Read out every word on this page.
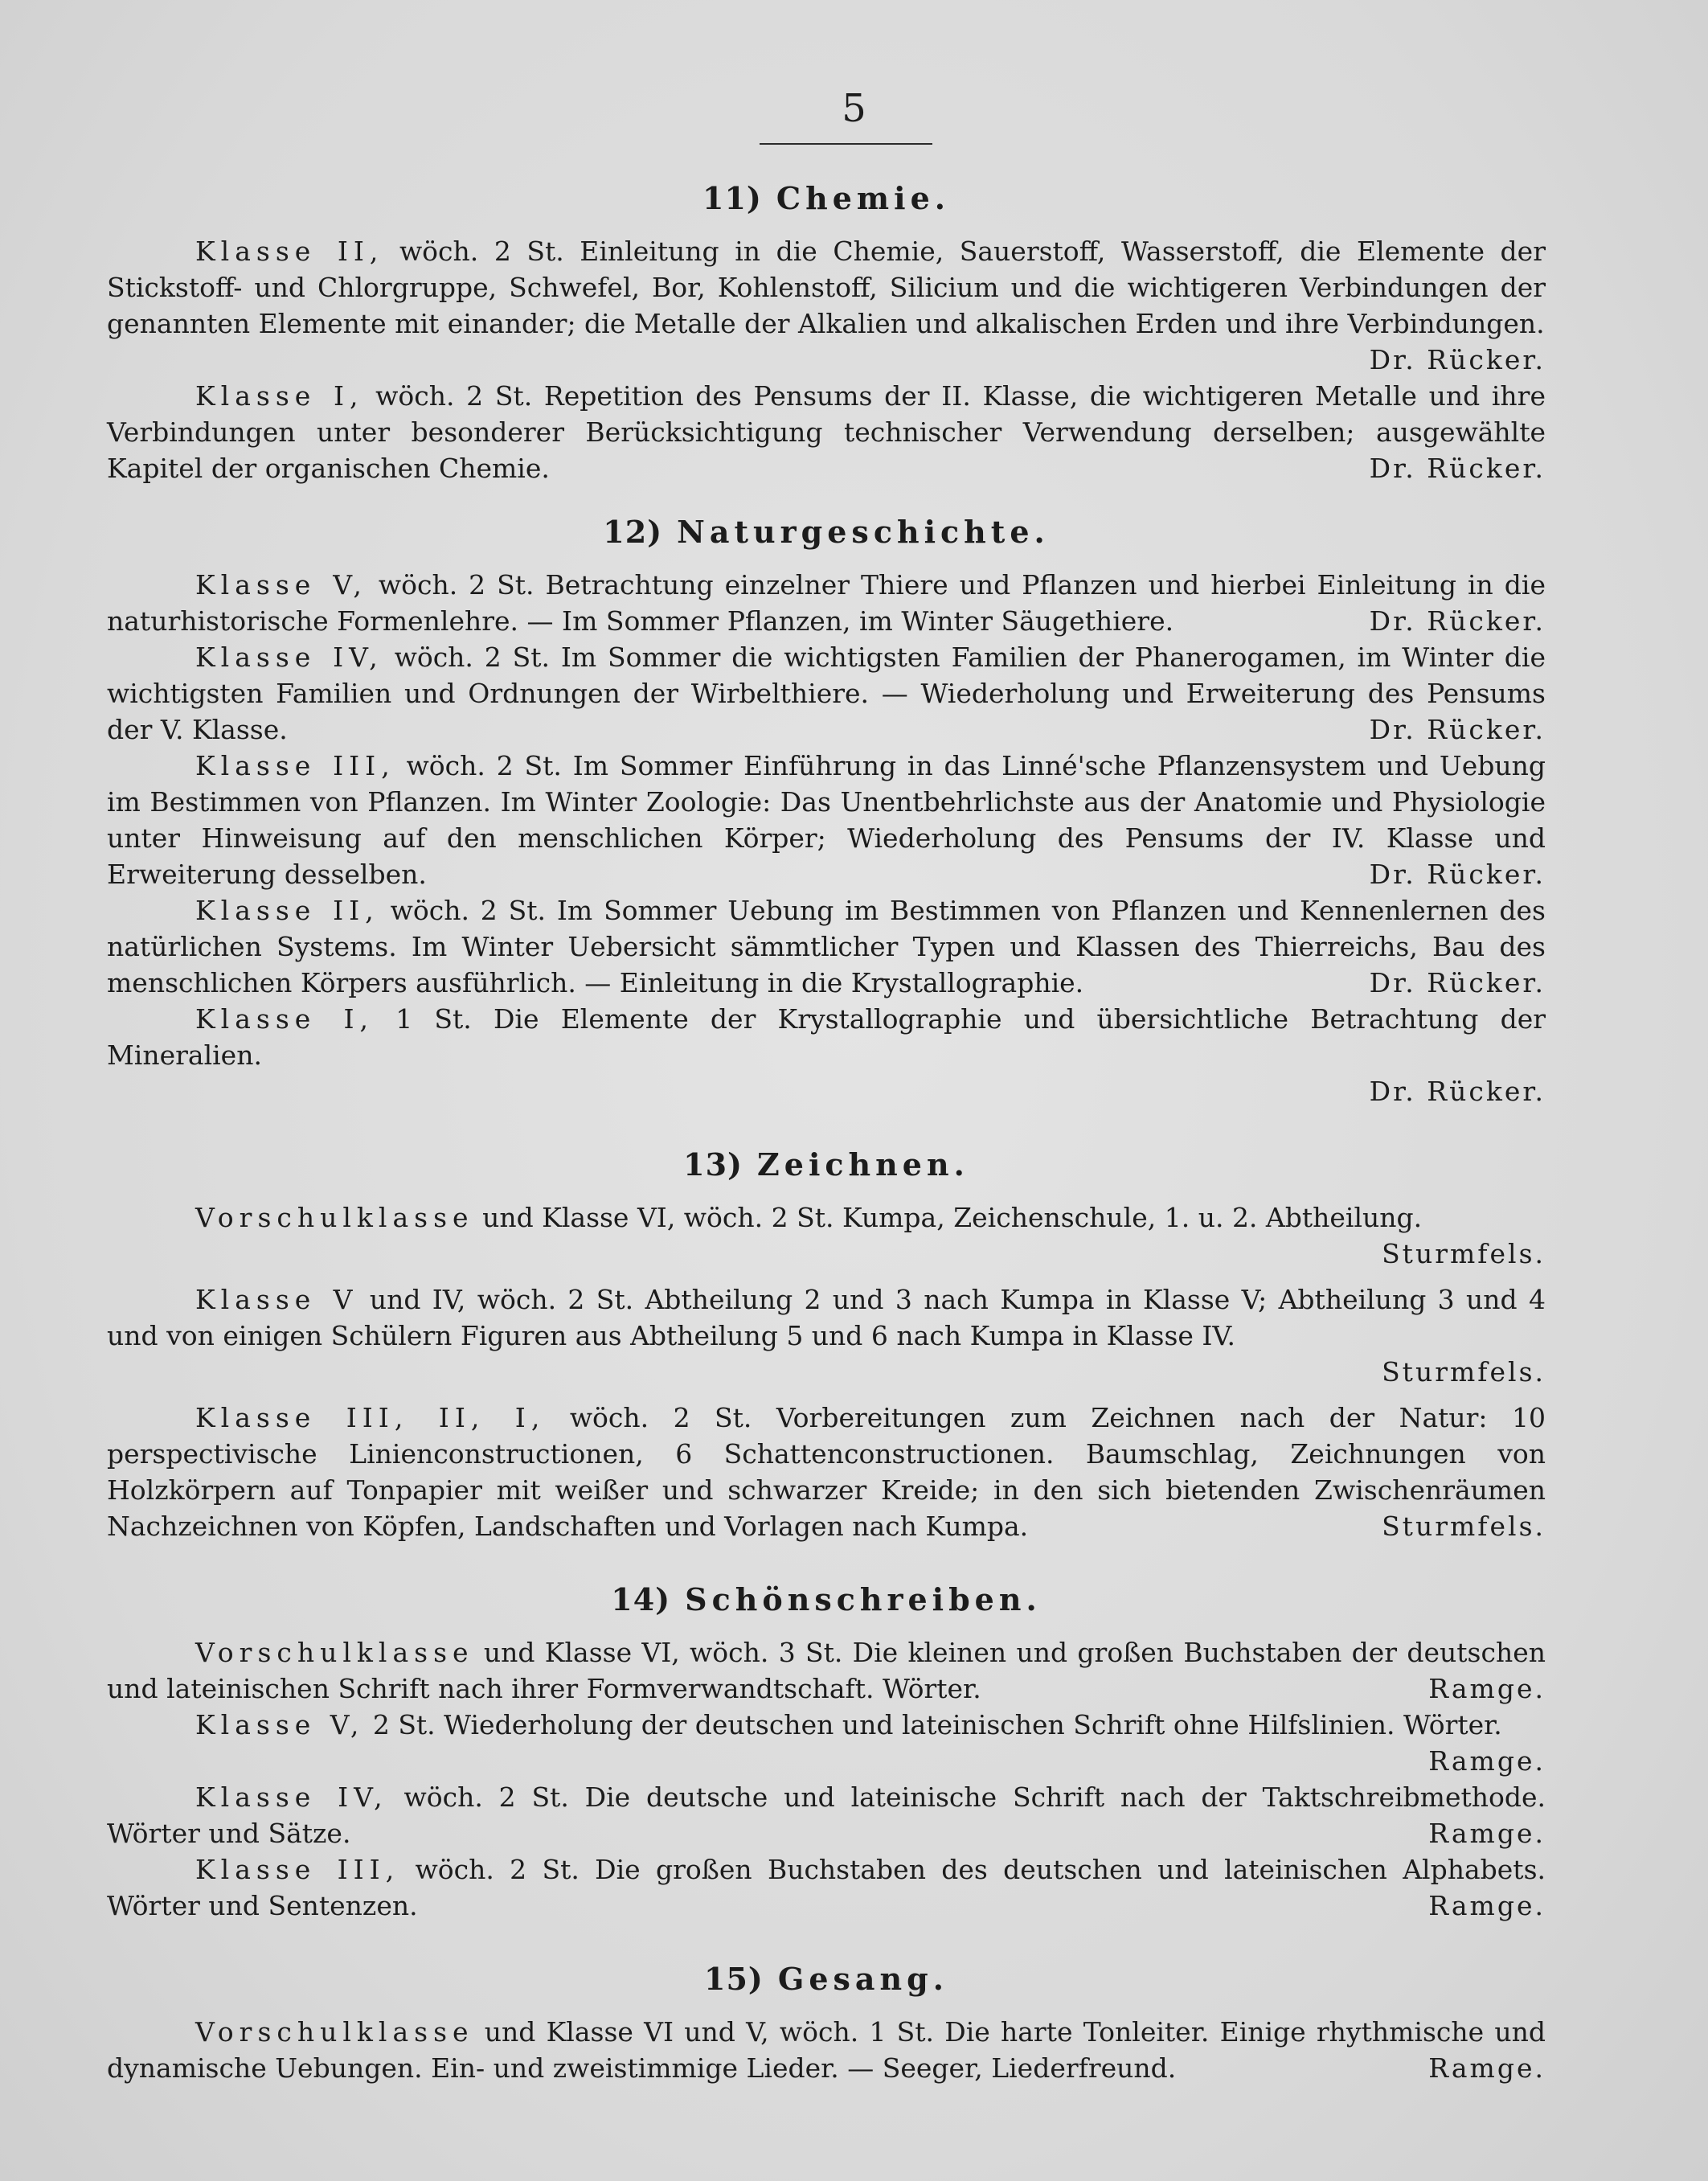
5
11) Chemie.

Klasse II, wöch. 2 St. Einleitung in die Chemie, Sauerstoff, Wasserstoff, die Elemente der Stickstoff- und Chlorgruppe, Schwefel, Bor, Kohlenstoff, Silicium und die wichtigeren Verbindungen der genannten Elemente mit einander; die Metalle der Alkalien und alkalischen Erden und ihre Verbindungen.
Dr. Rücker.

Klasse I, wöch. 2 St. Repetition des Pensums der II. Klasse, die wichtigeren Metalle und ihre Verbindungen unter besonderer Berücksichtigung technischer Verwendung derselben; ausgewählte Kapitel der organischen Chemie.	Dr. Rücker.

12) Naturgeschichte.

Klasse V, wöch. 2 St. Betrachtung einzelner Thiere und Pflanzen und hierbei Einleitung in die naturhistorische Formenlehre. — Im Sommer Pflanzen, im Winter Säugethiere.	Dr. Rücker.

Klasse IV, wöch. 2 St. Im Sommer die wichtigsten Familien der Phanerogamen, im Winter die wichtigsten Familien und Ordnungen der Wirbelthiere. — Wiederholung und Erweiterung des Pensums der V. Klasse.	Dr. Rücker.

Klasse III, wöch. 2 St. Im Sommer Einführung in das Linné'sche Pflanzensystem und Uebung im Bestimmen von Pflanzen. Im Winter Zoologie: Das Unentbehrlichste aus der Anatomie und Physiologie unter Hinweisung auf den menschlichen Körper; Wiederholung des Pensums der IV. Klasse und Erweiterung desselben.	Dr. Rücker.

Klasse II, wöch. 2 St. Im Sommer Uebung im Bestimmen von Pflanzen und Kennenlernen des natürlichen Systems. Im Winter Uebersicht sämmtlicher Typen und Klassen des Thierreichs, Bau des menschlichen Körpers ausführlich. — Einleitung in die Krystallographie.	Dr. Rücker.

Klasse I, 1 St. Die Elemente der Krystallographie und übersichtliche Betrachtung der Mineralien.
Dr. Rücker.

13) Zeichnen.

Vorschulklasse und Klasse VI, wöch. 2 St. Kumpa, Zeichenschule, 1. u. 2. Abtheilung.
Sturmfels.

Klasse V und IV, wöch. 2 St. Abtheilung 2 und 3 nach Kumpa in Klasse V; Abtheilung 3 und 4 und von einigen Schülern Figuren aus Abtheilung 5 und 6 nach Kumpa in Klasse IV.
Sturmfels.

Klasse III, II, I, wöch. 2 St. Vorbereitungen zum Zeichnen nach der Natur: 10 perspectivische Linienconstructionen, 6 Schattenconstructionen. Baumschlag, Zeichnungen von Holzkörpern auf Tonpapier mit weißer und schwarzer Kreide; in den sich bietenden Zwischenräumen Nachzeichnen von Köpfen, Landschaften und Vorlagen nach Kumpa.	Sturmfels.

14) Schönschreiben.

Vorschulklasse und Klasse VI, wöch. 3 St. Die kleinen und großen Buchstaben der deutschen und lateinischen Schrift nach ihrer Formverwandtschaft. Wörter.	Ramge.

Klasse V, 2 St. Wiederholung der deutschen und lateinischen Schrift ohne Hilfslinien. Wörter.
Ramge.

Klasse IV, wöch. 2 St. Die deutsche und lateinische Schrift nach der Taktschreibmethode. Wörter und Sätze.	Ramge.

Klasse III, wöch. 2 St. Die großen Buchstaben des deutschen und lateinischen Alphabets. Wörter und Sentenzen.	Ramge.

15) Gesang.

Vorschulklasse und Klasse VI und V, wöch. 1 St. Die harte Tonleiter. Einige rhythmische und dynamische Uebungen. Ein- und zweistimmige Lieder. — Seeger, Liederfreund.	Ramge.
